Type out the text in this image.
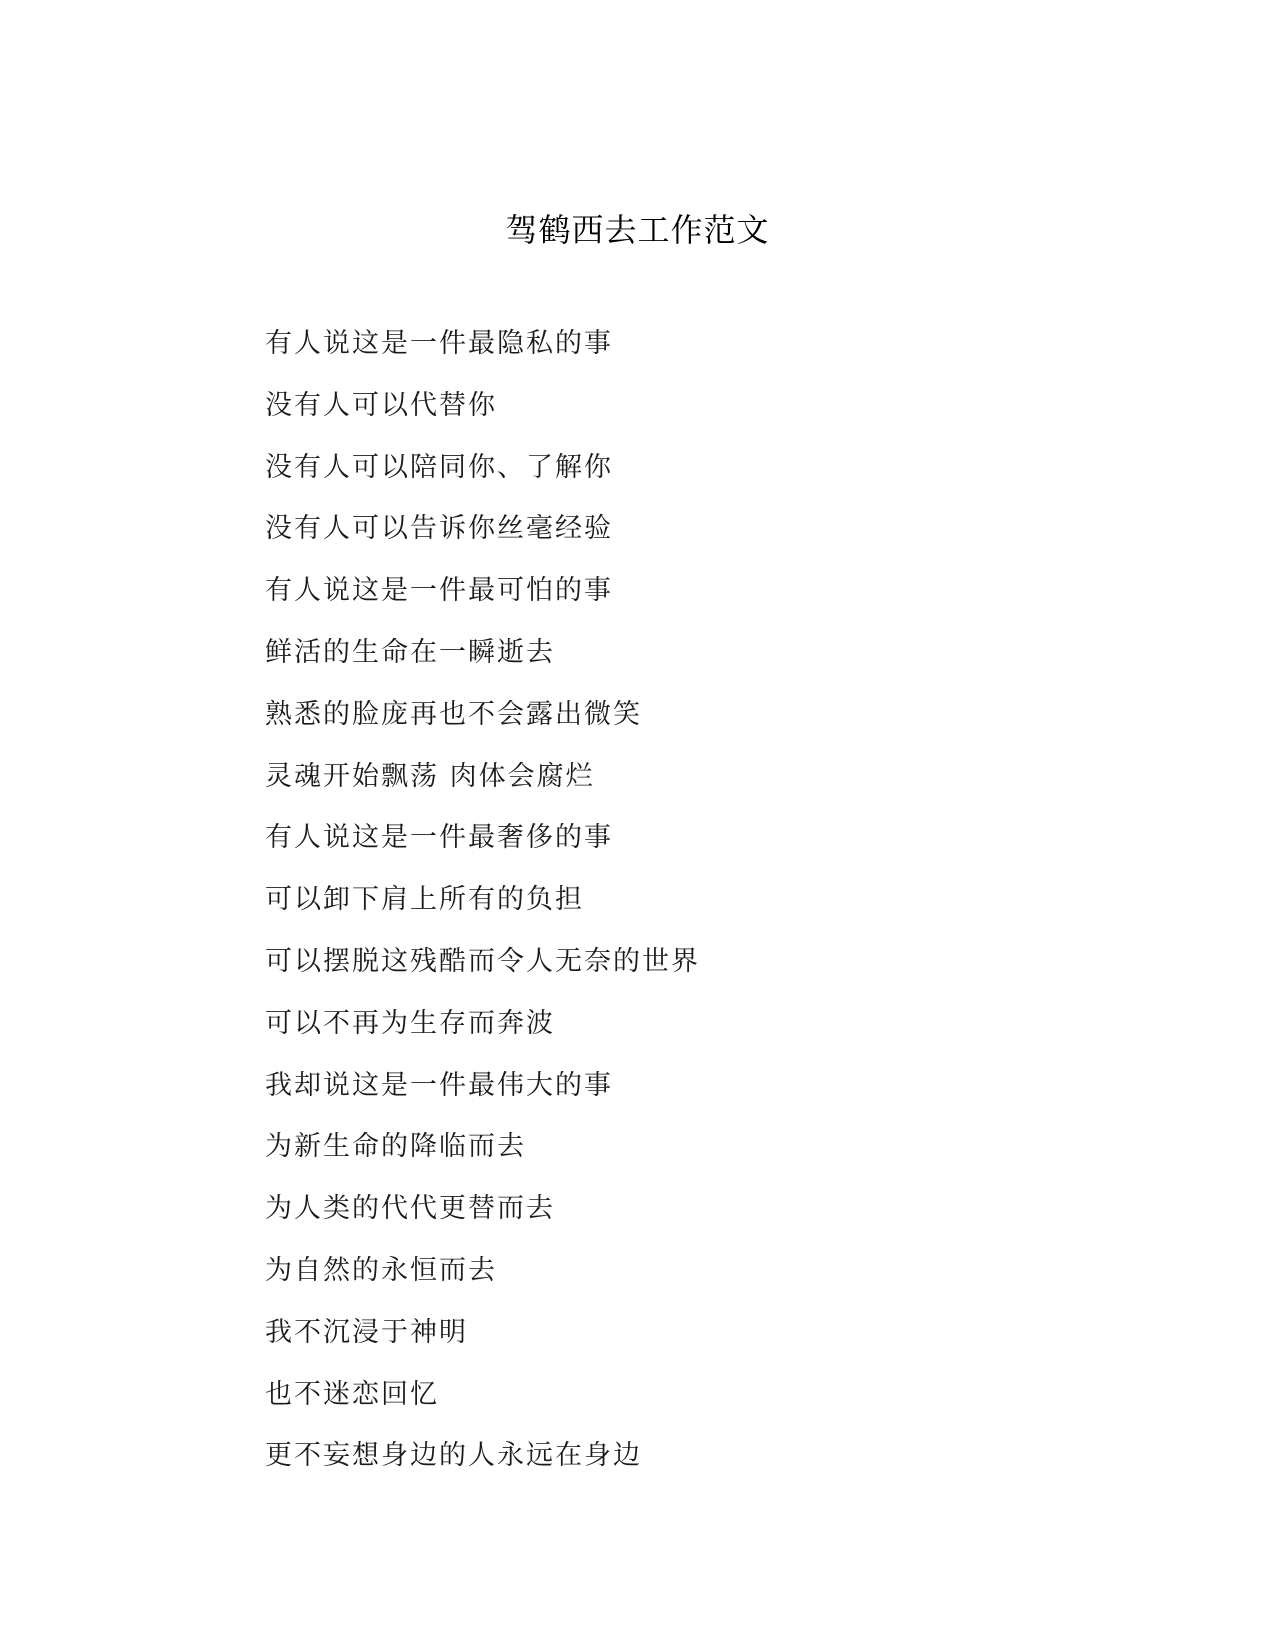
驾鹤西去工作范文
有人说这是一件最隐私的事
没有人可以代替你
没有人可以陪同你、了解你
没有人可以告诉你丝毫经验
有人说这是一件最可怕的事
鲜活的生命在一瞬逝去
熟悉的脸庞再也不会露出微笑
灵魂开始飘荡 肉体会腐烂
有人说这是一件最奢侈的事
可以卸下肩上所有的负担
可以摆脱这残酷而令人无奈的世界
可以不再为生存而奔波
我却说这是一件最伟大的事
为新生命的降临而去
为人类的代代更替而去
为自然的永恒而去
我不沉浸于神明
也不迷恋回忆
更不妄想身边的人永远在身边
